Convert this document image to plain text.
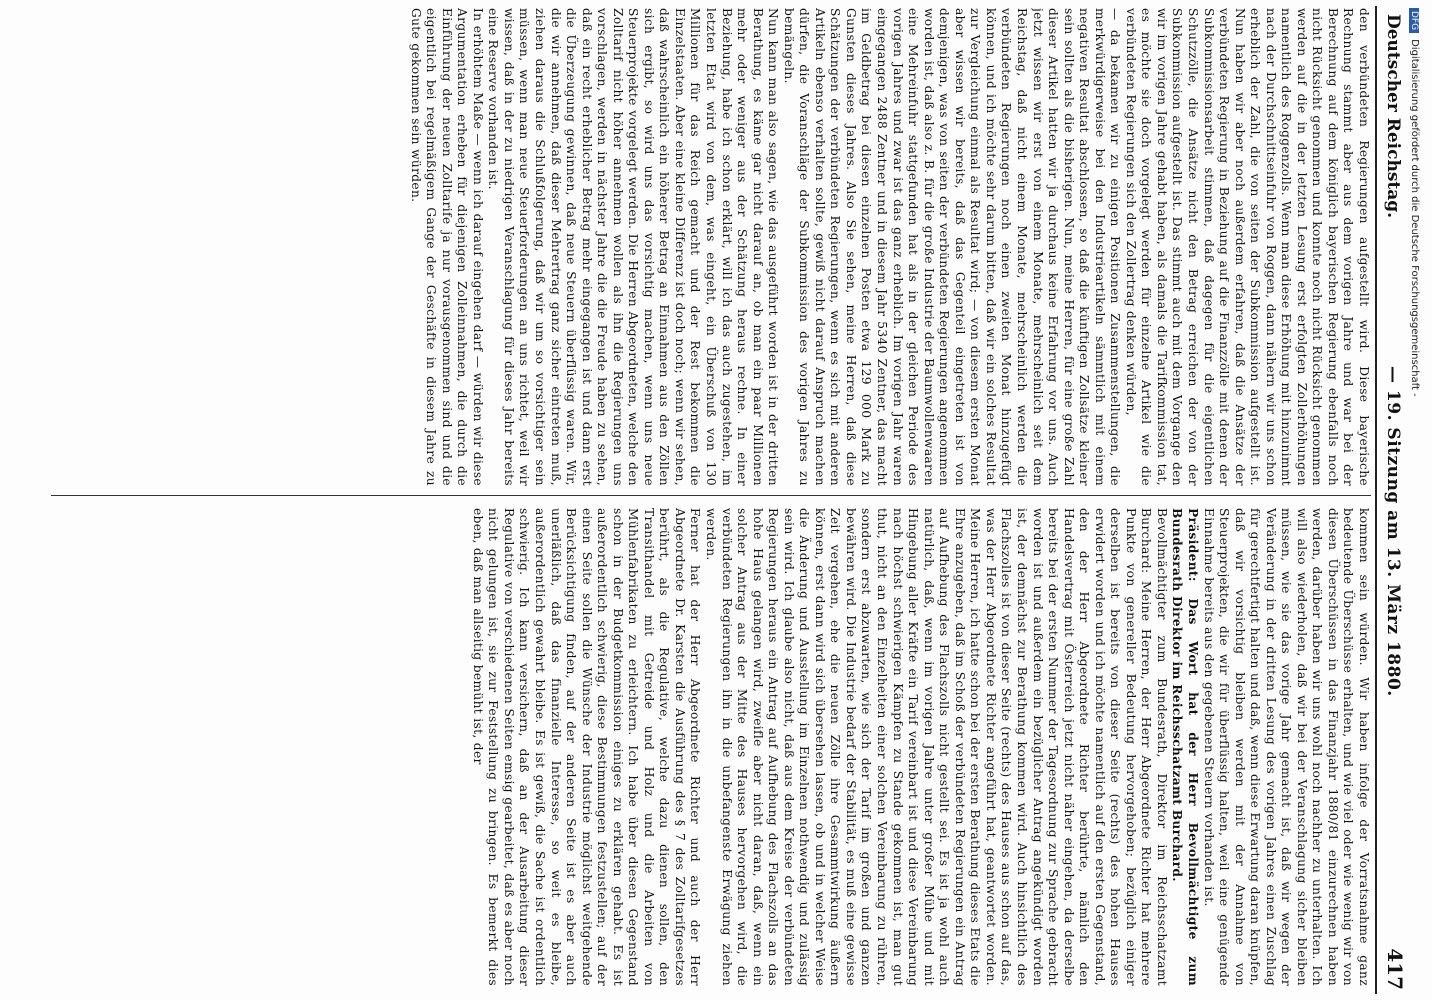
Deutscher Reichstag.
— 19. Sitzung am 13. März 1880.
417

den verbündeten Regierungen aufgestellt wird. Diese bayerische Rechnung stammt aber aus dem vorigen Jahre und war bei der Berechnung auf dem königlich bayerischen Regierung ebenfalls noch nicht Rücksicht genommen und konnte noch nicht Rücksicht genommen werden auf die in der letzten Lesung erst erfolgten Zollerhöhungen namentlich des Roggenzolls. Wenn man diese Erhöhung mit hinzunimmt nach der Durchschnittseinfuhr von Roggen, dann nähern wir uns schon erheblich der Zahl, die von seiten der Subkommission aufgestellt ist. Nun haben wir aber noch außerdem erfahren, daß die Ansätze der verbündeten Regierung in Beziehung auf die Finanzzölle mit denen der Subkommissionsarbeit stimmen, daß dagegen für die eigentlichen Schutzzölle, die Ansätze nicht den Betrag erreichen der von der Subkommission aufgestellt ist. Das stimmt auch mit dem Vorgange den wir im vorigen Jahre gehabt haben, als damals die Tarifkommission tat, es möchte sie doch vorgelegt werden für einzelne Artikel wie die verbündeten Regierungen sich den Zollertrag denken würden,

— da bekamen wir zu einigen Positionen Zusammenstellungen, die merkwürdigerweise bei den Industrieartikeln sämmtlich mit einem negativen Resultat abschlossen, so daß die künftigen Zollsätze kleiner sein sollten als die bisherigen. Nun, meine Herren, für eine große Zahl dieser Artikel hatten wir ja durchaus keine Erfahrung vor uns. Auch jetzt wissen wir erst von einem Monate, mehrscheinlich seit dem Reichstag, daß nicht einem Monate, mehrscheinlich werden die verbündeten Regierungen noch einen zweiten Monat hinzugefügt können, und ich möchte sehr darum bitten, daß wir ein solches Resultat zur Vergleichung einmal als Resultat wird; — von diesem ersten Monat aber wissen wir bereits, daß das Gegenteil eingetreten ist von demjenigen, was von seiten der verbündeten Regierungen angenommen worden ist, daß also z. B. für die große Industrie der Baumwollenwaaren eine Mehreinfuhr stattgefunden hat als in der gleichen Periode des vorigen Jahres und zwar ist das ganz erheblich. Im vorigen Jahr waren eingegangen 2488 Zentner und in diesem Jahr 5340 Zentner, das macht im Geldbetrag bei diesen einzelnen Posten etwa 129 000 Mark zu Gunsten dieses Jahres. Also Sie sehen, meine Herren, daß diese Schätzungen der verbündeten Regierungen, wenn es sich mit anderen Artikeln ebenso verhalten sollte, gewiß nicht darauf Anspruch machen dürfen, die Voranschläge der Subkommission des vorigen Jahres zu bemängeln.

Nun kann man also sagen, wie das ausgeführt worden ist in der dritten Berathung, es käme gar nicht darauf an, ob man ein paar Millionen mehr oder weniger aus der Schätzung heraus rechne. In einer Beziehung, habe ich schon erklärt, will ich das auch zugestehen, im letzten Etat wird von dem, was eingeht, ein Überschuß von 130 Millionen für das Reich gemacht und der Rest bekommen die Einzelstaaten. Aber eine kleine Differenz ist doch noch; wenn wir sehen, daß wahrscheinlich ein höherer Betrag an Einnahmen aus den Zöllen sich ergibt, so wird uns das vorsichtig machen, wenn uns neue Steuerprojekte vorgelegt werden. Die Herren Abgeordneten, welche den Zolltarif nicht höher annehmen wollen als ihn die Regierungen uns vorschlagen, werden in nächster Jahre die die Freude haben zu sehen, daß ein recht erheblicher Betrag mehr eingegangen ist und dann erst die Überzeugung gewinnen, daß neue Steuern überflüssig waren. Wir, die wir annehmen, daß dieser Mehrertrag ganz sicher eintreten muß, ziehen daraus die Schlußfolgerung, daß wir um so vorsichtiger sein müssen, wenn man neue Steuerforderungen an uns richtet, weil wir wissen, daß in der zu niedrigen Veranschlagung für dieses Jahr bereits eine Reserve vorhanden ist.

In erhöhtem Maße — wenn ich darauf eingehen darf — würden wir diese Argumentation erheben für diejenigen Zolleinnahmen, die durch die Einführung der neuen Zolltarife ja nur vorausgenommen sind und die eigentlich bei regelmäßigem Gange der Geschäfte in diesem Jahre zu Gute gekommen sein würden.

kommen sein würden. Wir haben infolge der Vorratsnahme ganz bedeutende Überschüsse erhalten, und wie viel oder wie wenig wir von diesen Überschüssen in das Finanzjahr 1880/81 einzurechnen haben werden, darüber haben wir uns wohl noch nachher zu unterhalten. Ich will also wiederholen, daß wir bei der Veranschlagung sicher bleiben müssen, wie sie das vorige Jahr gemacht ist, daß wir wegen der Veränderung in der dritten Lesung des vorigen Jahres einen Zuschlag für gerechtfertigt halten und daß, wenn diese Erwartung daran knüpfen, daß wir vorsichtig bleiben werden mit der Annahme von Steuerprojekten, die wir für überflüssig halten, weil eine genügende Einnahme bereits aus den gegebenen Steuern vorhanden ist.

Präsident: Das Wort hat der Herr Bevollmächtigte zum Bundesrath Direktor im Reichsschatzamt Burchard.

Bevollmächtigter zum Bundesrath, Direktor im Reichsschatzamt Burchard: Meine Herren, der Herr Abgeordnete Richter hat mehrere Punkte von genereller Bedeutung hervorgehoben; bezüglich einiger derselben ist bereits von dieser Seite (rechts) des hohen Hauses erwidert worden und ich möchte namentlich auf den ersten Gegenstand, den der Herr Abgeordnete Richter berührte, nämlich den Handelsvertrag mit Österreich jetzt nicht näher eingehen, da derselbe bereits bei der ersten Nummer der Tagesordnung zur Sprache gebracht worden ist und außerdem ein bezüglicher Antrag angekündigt worden ist, der demnächst zur Berathung kommen wird. Auch hinsichtlich des Flachszolles ist von dieser Seite (rechts) des Hauses aus schon auf das, was der Herr Abgeordnete Richter angeführt hat, geantwortet worden. Meine Herren, ich hatte schon bei der ersten Berathung dieses Etats die Ehre anzugeben, daß im Schoß der verbündeten Regierungen ein Antrag auf Aufhebung des Flachszolls nicht gestellt sei. Es ist ja wohl auch natürlich, daß, wenn im vorigen Jahre unter großer Mühe und mit Hingebung aller Kräfte ein Tarif vereinbart ist und diese Vereinbarung nach höchst schwierigen Kämpfen zu Stande gekommen ist, man gut thut, nicht an den Einzelheiten einer solchen Vereinbarung zu rühren, sondern erst abzuwarten, wie sich der Tarif im großen und ganzen bewähren wird. Die Industrie bedarf der Stabilität, es muß eine gewisse Zeit vergehen, ehe die neuen Zölle ihre Gesammtwirkung äußern können, erst dann wird sich übersehen lassen, ob und in welcher Weise die Änderung und Ausstellung im Einzelnen nothwendig und zulässig sein wird. Ich glaube also nicht, daß aus dem Kreise der verbündeten Regierungen heraus ein Antrag auf Aufhebung des Flachszolls an das hohe Haus gelangen wird, zweifle aber nicht daran, daß, wenn ein solcher Antrag aus der Mitte des Hauses hervorgehen wird, die verbündeten Regierungen ihn in die unbefangenste Erwägung ziehen werden.

Ferner hat der Herr Abgeordnete Richter und auch der Herr Abgeordnete Dr. Karsten die Ausführung des § 7 des Zolltarifgesetzes berührt, als die Regulative, welche dazu dienen sollen, den Transithandel mit Getreide und Holz und die Arbeiten von Mühlenfabrikaten zu erleichtern. Ich habe über diesen Gegenstand schon in der Budgetkommission einiges zu erklären gehabt. Es ist außerordentlich schwierig, diese Bestimmungen festzustellen; auf der einen Seite sollen die Wünsche der Industrie möglichst weitgehende Berücksichtigung finden, auf der anderen Seite ist es aber auch unerläßlich, daß das finanzielle Interesse, so weit es bleibe, außerordentlich gewahrt bleibe. Es ist gewiß, die Sache ist ordentlich schwierig. Ich kann versichern, daß an der Ausarbeitung dieser Regulative von verschiedenen Seiten emsig gearbeitet, daß es aber noch nicht gelungen ist, sie zur Feststellung zu bringen. Es bemerkt dies eben, daß man allseitig bemüht ist, der

DFGDigitalisierung gefördert durch die Deutsche Forschungsgemeinschaft -
